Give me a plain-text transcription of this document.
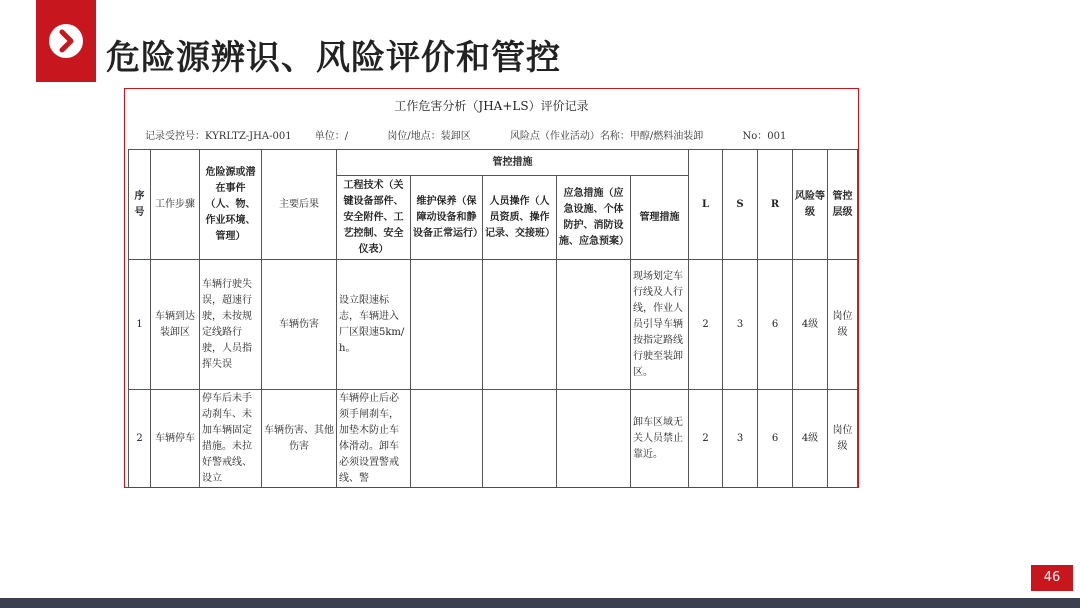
危险源辨识、风险评价和管控
工作危害分析（JHA+LS）评价记录
记录受控号：KYRLTZ-JHA-001 单位：/	岗位/地点：装卸区	风险点（作业活动）名称：甲醇/燃料油装卸	No：001
序号	工作步骤	危险源或潜在事件（人、物、作业环境、管理）	主要后果	管控措施					L	S	R	风险等级	管控层级
				工程技术（关键设备部件、安全附件、工艺控制、安全仪表）	维护保养（保障动设备和静设备正常运行）	人员操作（人员资质、操作记录、交接班）	应急措施（应急设施、个体防护、消防设施、应急预案）	管理措施					
1	车辆到达装卸区	车辆行驶失误，超速行驶，未按规定线路行驶，人员指挥失误	车辆伤害	设立限速标志，车辆进入厂区限速5km/h。				现场划定车行线及人行线，作业人员引导车辆按指定路线行驶至装卸区。	2	3	6	4级	岗位级
2	车辆停车	停车后未手动刹车、未加车辆固定措施。未拉好警戒线、设立	车辆伤害、其他伤害	车辆停止后必须手闸刹车，加垫木防止车体滑动。卸车必须设置警戒线、警				卸车区域无关人员禁止靠近。	2	3	6	4级	岗位级
46
